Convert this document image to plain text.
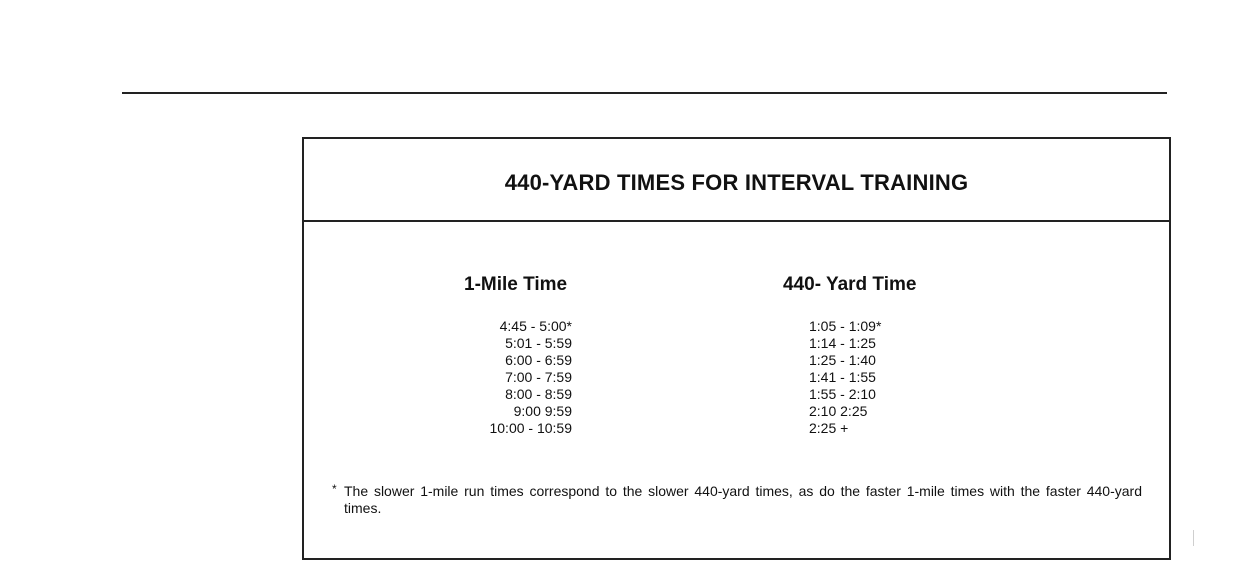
440-YARD TIMES FOR INTERVAL TRAINING
1-Mile Time
4:45 - 5:00*
5:01 - 5:59
6:00 - 6:59
7:00 - 7:59
8:00 - 8:59
9:00 9:59
10:00 - 10:59
440- Yard Time
1:05 - 1:09*
1:14 - 1:25
1:25 - 1:40
1:41 - 1:55
1:55 - 2:10
2:10 2:25
2:25 +
* The slower 1-mile run times correspond to the slower 440-yard times, as do the faster 1-mile times with the faster 440-yard times.
